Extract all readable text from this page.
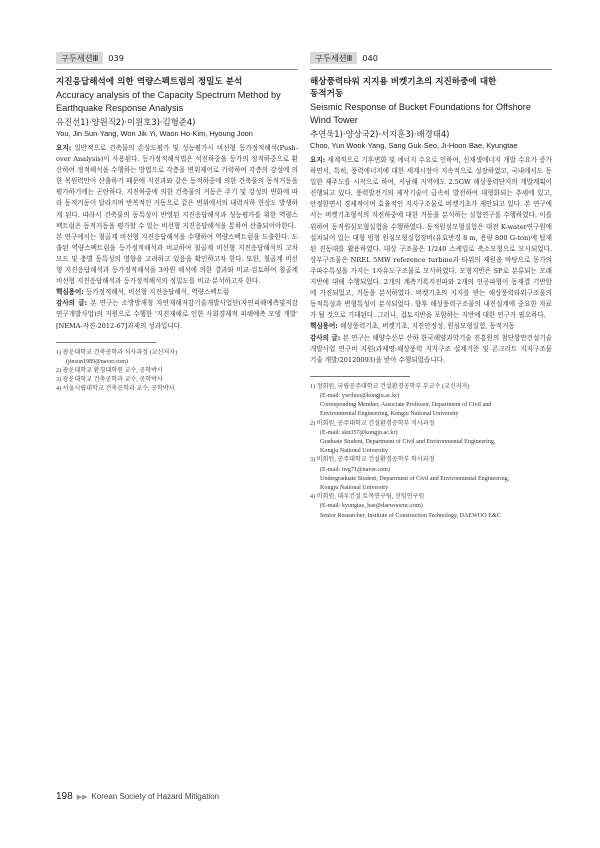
구두세션Ⅲ	039
지진응답해석에 의한 역량스펙트럼의 정밀도 분석
Accuracy analysis of the Capacity Spectrum Method by
Earthquake Response Analysis
유진선1)·양원직2)·이원호3)·김형준4)
You, Jin Sun·Yang, Won Jik·Yi, Waon Ho·Kim, Hyoung Joon

요지: 일반적으로 건축물의 손상도평가 및 성능평가시 비선형 등가정적해석(Push-over Analysis)이 사용된다. 등가정적해석법은 석진하중을 등가의 정적하중으로 환산하여 정적해석을 수행하는 방법으로 각층을 변위제어로 가력하여 각층의 강성에 의한 복원력만이 산출하기 때문에 지진과와 같은 동적하중에 의한 건축물의 동적거동을 평가하기에는 곤란하다. 지진하중에 의한 건축물의 거동은 주기 및 강성의 변화에 따라 동적거동이 달라지며 반복적인 거동으로 같은 변위에서의 내력저하 현상도 발생하게 된다. 따라서 건축물의 동특성이 반영된 지진응답해석과 성능평가를 위한 역량스펙트럼은 동적거동을 평가할 수 있는 비선형 지진응답해석을 통하여 산출되어야한다.

본 연구에서는 철골계 비선형 지진응답해석을 수행하여 역량스펙트럼을 도출한다. 도출된 역량스펙트럼을 등가정적해석과 비교하여 철골계 비선형 지진응답해석의 고차모드 및 충별 동특성의 영향을 고려하고 있음을 확인하고자 한다. 또한, 철골계 비선형 지진응답해석과 등가정적해석을 3차원 해석에 의한 결과와 비교·검토하여 철골계 비선형 지진응답해석과 등가정적해석의 정밀도를 비교·분석하고자 한다.

핵심용어: 등가정적해석, 비선형 지진응답해석, 역량스펙트럼

감사의 글: 본 연구는 소방방재청 자연재해저감기술개발사업단(자연피해예측및저감연구개발사업)의 지원으로 수행한 '지진재해로 인한 사회경제적 피해예측 모델 개발' [NEMA-자진-2012-67]과제의 성과입니다.

1) 광운대학교 건축공학과 석사과정 (교신저자)
(jinsun1989@naver.com)
2) 광운대학교 환경대학원 교수, 공학박사
3) 광운대학교 건축공학과 교수, 공학박사
4) 서울시립대학교 건축공학과 교수, 공학박사
구두세션Ⅲ	040
해상풍력타워 지지용 버켓기초의 지진하중에 대한
동적거동
Seismic Response of Bucket Foundations for Offshore
Wind Tower
추연욱1)·양상국2)·서지훈3)·배경태4)
Choo, Yun Wook·Yang, Sang Guk·Seo, Ji-Hoon·Bae, Kyungtae

요지: 세계적으로 기후변화 및 에너지 수요로 인하여, 신재생에너지 개발 수요가 증가하면서, 특히, 풍력에너지에 대한 세계시장이 지속적으로 성장하였고, 국내에서도 동일한 제주도를 시작으로 하여, 서남해 지역에도 2.5GW 해상풍력단지의 개발계획이 진행되고 있다. 풍력발전기의 제작기술이 급속히 발전하여 대형화되는 추세에 있고, 안정한면서 경제적이며 효율적인 지지구조물로 버켓기초가 제안되고 있다. 본 연구에서는 버켓기초형식의 지진하중에 대한 거동을 분석하는 실험연구를 수행하였다. 이를 위하여 동적원심모형실험을 수행하였다. 동적원심모형실험은 대전 K-water연구원에 설치되어 있는 대형 빔형 원심모형실험장비(유효반경 8 m, 용량 800 G-ton)에 탑재된 진동대를 활용하였다. 대상 구조물은 1/240 스케일로 축소모형으로 모사되었다. 상부구조물은 NREL 5MW reference turbine과 타워의 제원을 바탕으로 동가의 주파수특성을 가지는 1자유도구조물로 모사하였다. 모형지반은 SP로 분류되는 모래지반에 대해 수행되었다. 2개의 계측기록지진파와 2개의 인공파형이 동재결 기반암에 가진되었고, 거동을 분석하였다. 버켓기초의 지지를 받는 해상풍력타워구조물의 동적특성과 변형특성이 분석되었다. 향후 해상풍력구조물의 내진설계에 중요한 자료가 될 것으로 기대된다. 그러나, 접토지반을 포함하는 지반에 대한 연구가 필요하다.

핵심용어: 해상풍력기초, 버켓기초, 지진안정성, 원심모형실험, 동적거동

감사의 글: 본 연구는 해양수산부 산하 한국해양과학기술 진흥원의 첨단항만건설기술개발사업 연구비 지원(과제명:해상풍력 지지구조 설계기준 및 콘크리트 지지구조물 기술 개발/20120093)을 받아 수행되었습니다.

1) 정회원, 국립공주대학교 건설환경공학부 부교수 (교신저자)
(E-mail: ywchoo@kongju.ac.kr)
Corresponding Member, Associate Professor, Department of Civil and
Environmental Engineering, Kongju National University
2) 비회원, 공주대학교 건설환경공학부 석사과정
(E-mail: skn357@kongju.ac.kr)
Graduate Student, Department of Civil and Environmental Engineering,
Kongju National University
3) 비회원, 공주대학교 건설환경공학부 학사과정
(E-mail: twg71@naver.com)
Undergraduate Student, Department of Civil and Environmental Engineering,
Kongju National University
4) 비회원, 대우건설 토목연구팀, 선임연구원
(E-mail: kyungtae_bae@daewooenc.com)
Senior Researcher, Institute of Construction Technology, DAEWOO E&C
198 ▶▶ Korean Society of Hazard Mitigation
